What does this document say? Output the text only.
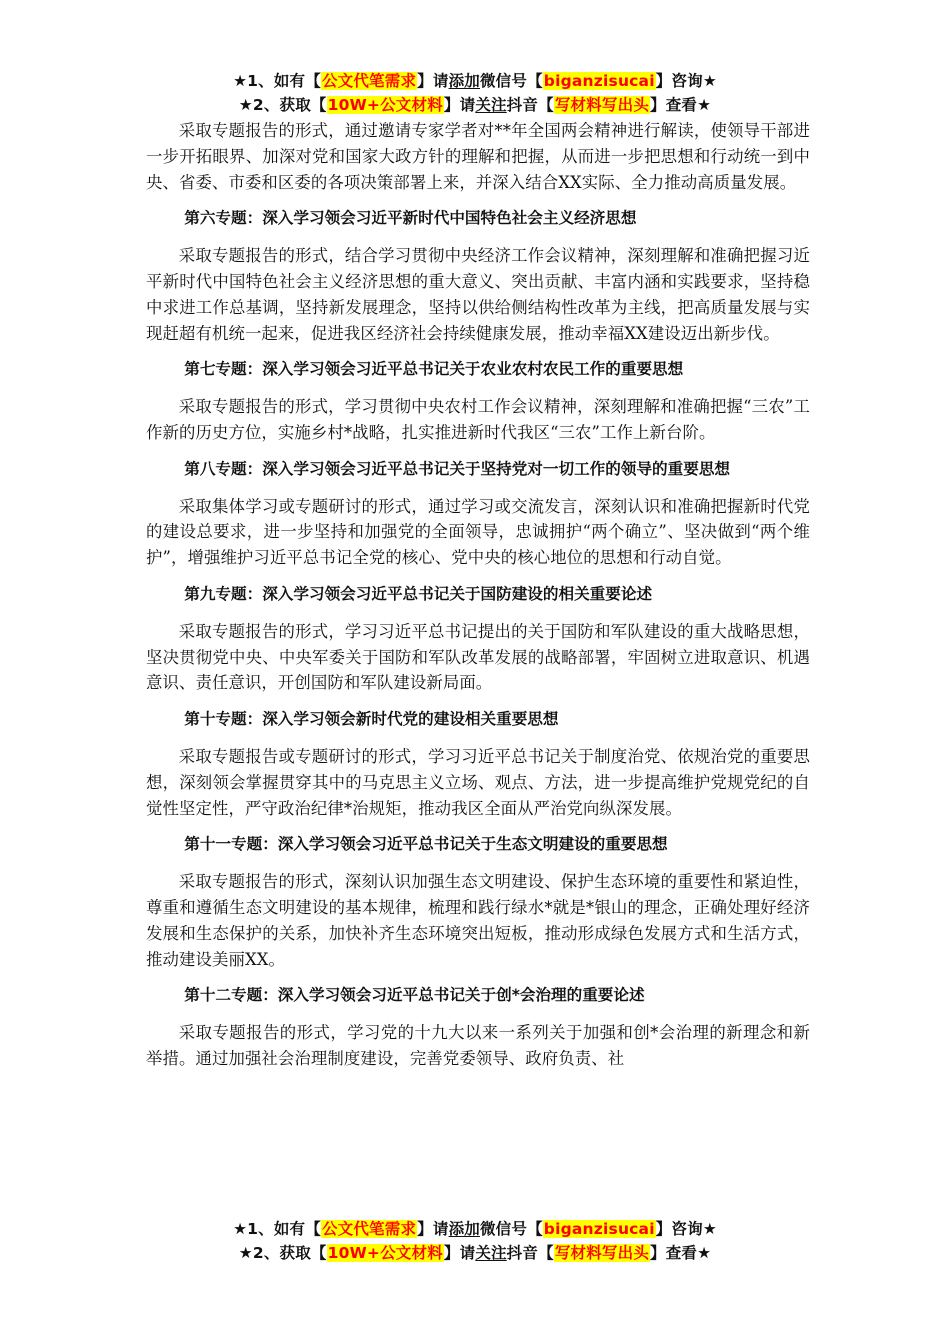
★1、如有【公文代笔需求】请添加微信号【biganzisucai】咨询★
★2、获取【10W+公文材料】请关注抖音【写材料写出头】查看★

采取专题报告的形式，通过邀请专家学者对**年全国两会精神进行解读，使领导干部进一步开拓眼界、加深对党和国家大政方针的理解和把握，从而进一步把思想和行动统一到中央、省委、市委和区委的各项决策部署上来，并深入结合XX实际、全力推动高质量发展。

第六专题：深入学习领会习近平新时代中国特色社会主义经济思想

采取专题报告的形式，结合学习贯彻中央经济工作会议精神，深刻理解和准确把握习近平新时代中国特色社会主义经济思想的重大意义、突出贡献、丰富内涵和实践要求，坚持稳中求进工作总基调，坚持新发展理念，坚持以供给侧结构性改革为主线，把高质量发展与实现赶超有机统一起来，促进我区经济社会持续健康发展，推动幸福XX建设迈出新步伐。

第七专题：深入学习领会习近平总书记关于农业农村农民工作的重要思想

采取专题报告的形式，学习贯彻中央农村工作会议精神，深刻理解和准确把握“三农”工作新的历史方位，实施乡村*战略，扎实推进新时代我区“三农”工作上新台阶。

第八专题：深入学习领会习近平总书记关于坚持党对一切工作的领导的重要思想

采取集体学习或专题研讨的形式，通过学习或交流发言，深刻认识和准确把握新时代党的建设总要求，进一步坚持和加强党的全面领导，忠诚拥护“两个确立”、坚决做到“两个维护”，增强维护习近平总书记全党的核心、党中央的核心地位的思想和行动自觉。

第九专题：深入学习领会习近平总书记关于国防建设的相关重要论述

采取专题报告的形式，学习习近平总书记提出的关于国防和军队建设的重大战略思想，坚决贯彻党中央、中央军委关于国防和军队改革发展的战略部署，牢固树立进取意识、机遇意识、责任意识，开创国防和军队建设新局面。

第十专题：深入学习领会新时代党的建设相关重要思想

采取专题报告或专题研讨的形式，学习习近平总书记关于制度治党、依规治党的重要思想，深刻领会掌握贯穿其中的马克思主义立场、观点、方法，进一步提高维护党规党纪的自觉性坚定性，严守政治纪律*治规矩，推动我区全面从严治党向纵深发展。

第十一专题：深入学习领会习近平总书记关于生态文明建设的重要思想

采取专题报告的形式，深刻认识加强生态文明建设、保护生态环境的重要性和紧迫性，尊重和遵循生态文明建设的基本规律，梳理和践行绿水*就是*银山的理念，正确处理好经济发展和生态保护的关系，加快补齐生态环境突出短板，推动形成绿色发展方式和生活方式，推动建设美丽XX。

第十二专题：深入学习领会习近平总书记关于创*会治理的重要论述

采取专题报告的形式，学习党的十九大以来一系列关于加强和创*会治理的新理念和新举措。通过加强社会治理制度建设，完善党委领导、政府负责、社

★1、如有【公文代笔需求】请添加微信号【biganzisucai】咨询★
★2、获取【10W+公文材料】请关注抖音【写材料写出头】查看★
